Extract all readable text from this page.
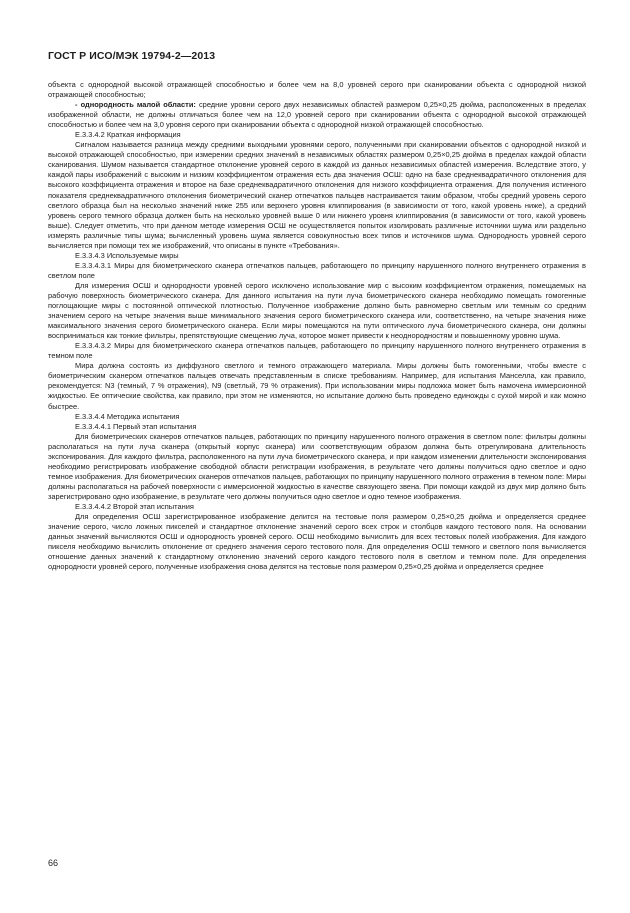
ГОСТ Р ИСО/МЭК 19794-2—2013

объекта с однородной высокой отражающей способностью и более чем на 8,0 уровней серого при сканировании объекта с однородной низкой отражающей способностью;

- однородность малой области: средние уровни серого двух независимых областей размером 0,25×0,25 дюйма, расположенных в пределах изображенной области, не должны отличаться более чем на 12,0 уровней серого при сканировании объекта с однородной высокой отражающей способностью и более чем на 3,0 уровня серого при сканировании объекта с однородной низкой отражающей способностью.

Е.3.3.4.2 Краткая информация

Сигналом называется разница между средними выходными уровнями серого, полученными при сканировании объектов с однородной низкой и высокой отражающей способностью, при измерении средних значений в независимых областях размером 0,25×0,25 дюйма в пределах каждой области сканирования. Шумом называется стандартное отклонение уровней серого в каждой из данных независимых областей измерения. Вследствие этого, у каждой пары изображений с высоким и низким коэффициентом отражения есть два значения ОСШ: одно на базе среднеквадратичного отклонения для высокого коэффициента отражения и второе на базе среднеквадратичного отклонения для низкого коэффициента отражения. Для получения истинного показателя среднеквадратичного отклонения биометрический сканер отпечатков пальцев настраивается таким образом, чтобы средний уровень серого светлого образца был на несколько значений ниже 255 или верхнего уровня клиппирования (в зависимости от того, какой уровень ниже), а средний уровень серого темного образца должен быть на несколько уровней выше 0 или нижнего уровня клиппирования (в зависимости от того, какой уровень выше). Следует отметить, что при данном методе измерения ОСШ не осуществляется попыток изолировать различные источники шума или раздельно измерять различные типы шума; вычисленный уровень шума является совокупностью всех типов и источников шума. Однородность уровней серого вычисляется при помощи тех же изображений, что описаны в пункте «Требования».

Е.3.3.4.3 Используемые миры

Е.3.3.4.3.1 Миры для биометрического сканера отпечатков пальцев, работающего по принципу нарушенного полного внутреннего отражения в светлом поле

Для измерения ОСШ и однородности уровней серого исключено использование мир с высоким коэффициентом отражения, помещаемых на рабочую поверхность биометрического сканера. Для данного испытания на пути луча биометрического сканера необходимо помещать гомогенные поглощающие миры с постоянной оптической плотностью. Полученное изображение должно быть равномерно светлым или темным со средним значением серого на четыре значения выше минимального значения серого биометрического сканера или, соответственно, на четыре значения ниже максимального значения серого биометрического сканера. Если миры помещаются на пути оптического луча биометрического сканера, они должны восприниматься как тонкие фильтры, препятствующие смещению луча, которое может привести к неоднородностям и повышенному уровню шума.

Е.3.3.4.3.2 Миры для биометрического сканера отпечатков пальцев, работающего по принципу нарушенного полного внутреннего отражения в темном поле

Мира должна состоять из диффузного светлого и темного отражающего материала. Миры должны быть гомогенными, чтобы вместе с биометрическим сканером отпечатков пальцев отвечать представленным в списке требованиям. Например, для испытания Манселла, как правило, рекомендуется: N3 (темный, 7 % отражения), N9 (светлый, 79 % отражения). При использовании миры подложка может быть намочена иммерсионной жидкостью. Ее оптические свойства, как правило, при этом не изменяются, но испытание должно быть проведено единожды с сухой мирой и как можно быстрее.

Е.3.3.4.4 Методика испытания

Е.3.3.4.4.1 Первый этап испытания

Для биометрических сканеров отпечатков пальцев, работающих по принципу нарушенного полного отражения в светлом поле: фильтры должны располагаться на пути луча сканера (открытый корпус сканера) или соответствующим образом должна быть отрегулирована длительность экспонирования. Для каждого фильтра, расположенного на пути луча биометрического сканера, и при каждом изменении длительности экспонирования необходимо регистрировать изображение свободной области регистрации изображения, в результате чего должны получиться одно светлое и одно темное изображения. Для биометрических сканеров отпечатков пальцев, работающих по принципу нарушенного полного отражения в темном поле: Миры должны располагаться на рабочей поверхности с иммерсионной жидкостью в качестве связующего звена. При помощи каждой из двух мир должно быть зарегистрировано одно изображение, в результате чего должны получиться одно светлое и одно темное изображения.

Е.3.3.4.4.2 Второй этап испытания

Для определения ОСШ зарегистрированное изображение делится на тестовые поля размером 0,25×0,25 дюйма и определяется среднее значение серого, число ложных пикселей и стандартное отклонение значений серого всех строк и столбцов каждого тестового поля. На основании данных значений вычисляются ОСШ и однородность уровней серого. ОСШ необходимо вычислить для всех тестовых полей изображения. Для каждого пикселя необходимо вычислить отклонение от среднего значения серого тестового поля. Для определения ОСШ темного и светлого поля вычисляется отношение данных значений к стандартному отклонению значений серого каждого тестового поля в светлом и темном поле. Для определения однородности уровней серого, полученные изображения снова делятся на тестовые поля размером 0,25×0,25 дюйма и определяется среднее

66
